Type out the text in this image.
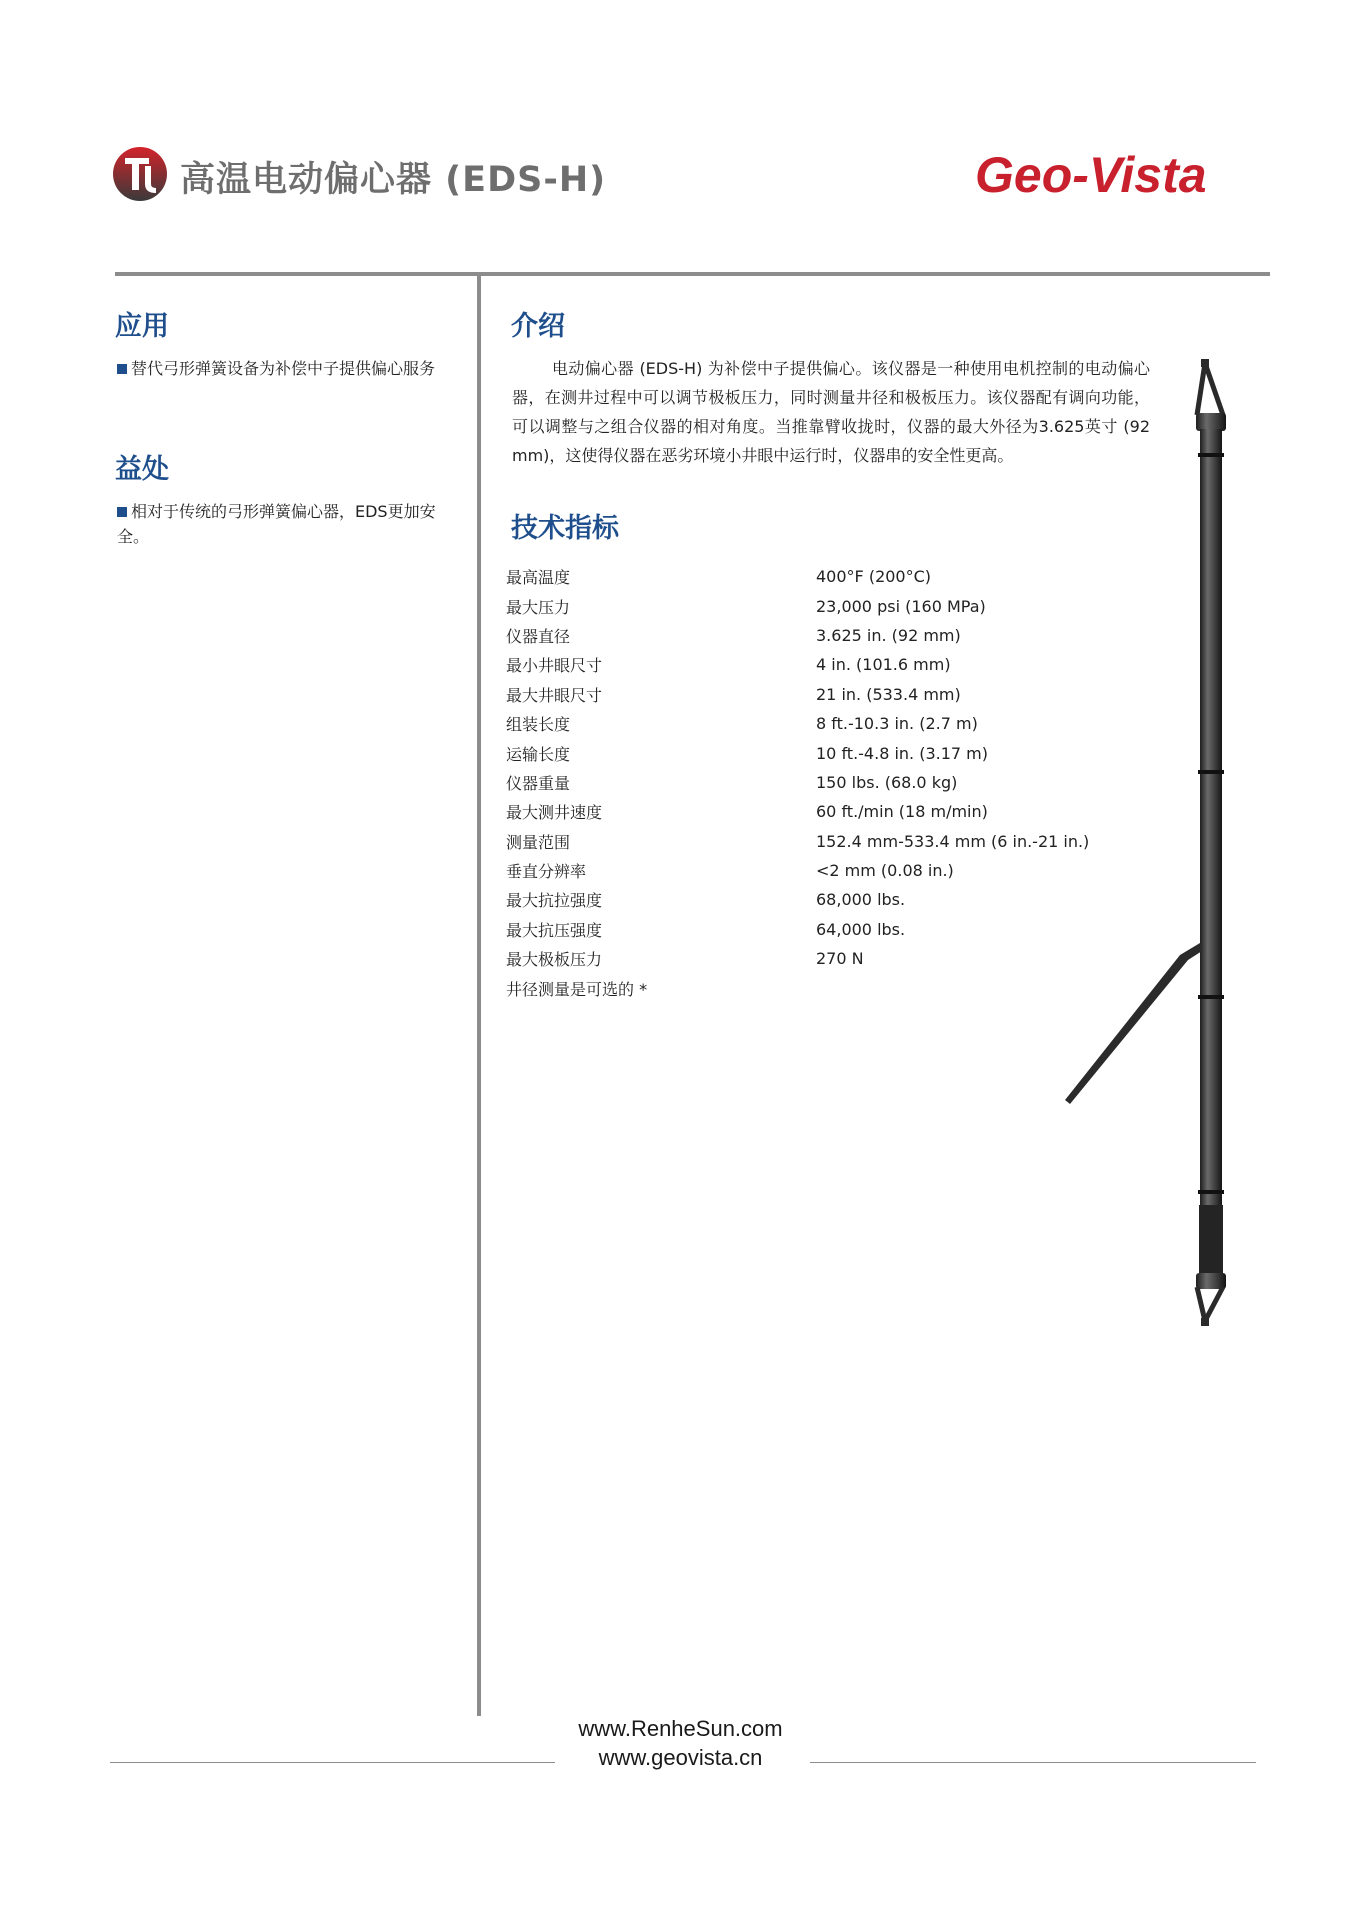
高温电动偏心器 (EDS-H)	Geo-Vista
应用
替代弓形弹簧设备为补偿中子提供偏心服务
益处
相对于传统的弓形弹簧偏心器，EDS更加安全。
介绍
电动偏心器 (EDS-H) 为补偿中子提供偏心。该仪器是一种使用电机控制的电动偏心器，在测井过程中可以调节极板压力，同时测量井径和极板压力。该仪器配有调向功能，可以调整与之组合仪器的相对角度。当推靠臂收拢时，仪器的最大外径为3.625英寸 (92 mm)，这使得仪器在恶劣环境小井眼中运行时，仪器串的安全性更高。
技术指标
最高温度	400°F (200°C)
最大压力	23,000 psi (160 MPa)
仪器直径	3.625 in. (92 mm)
最小井眼尺寸	4 in. (101.6 mm)
最大井眼尺寸	21 in. (533.4 mm)
组装长度	8 ft.-10.3 in. (2.7 m)
运输长度	10 ft.-4.8 in. (3.17 m)
仪器重量	150 lbs. (68.0 kg)
最大测井速度	60 ft./min (18 m/min)
测量范围	152.4 mm-533.4 mm (6 in.-21 in.)
垂直分辨率	<2 mm (0.08 in.)
最大抗拉强度	68,000 lbs.
最大抗压强度	64,000 lbs.
最大极板压力	270 N
井径测量是可选的 *	
www.RenheSun.com
www.geovista.cn
